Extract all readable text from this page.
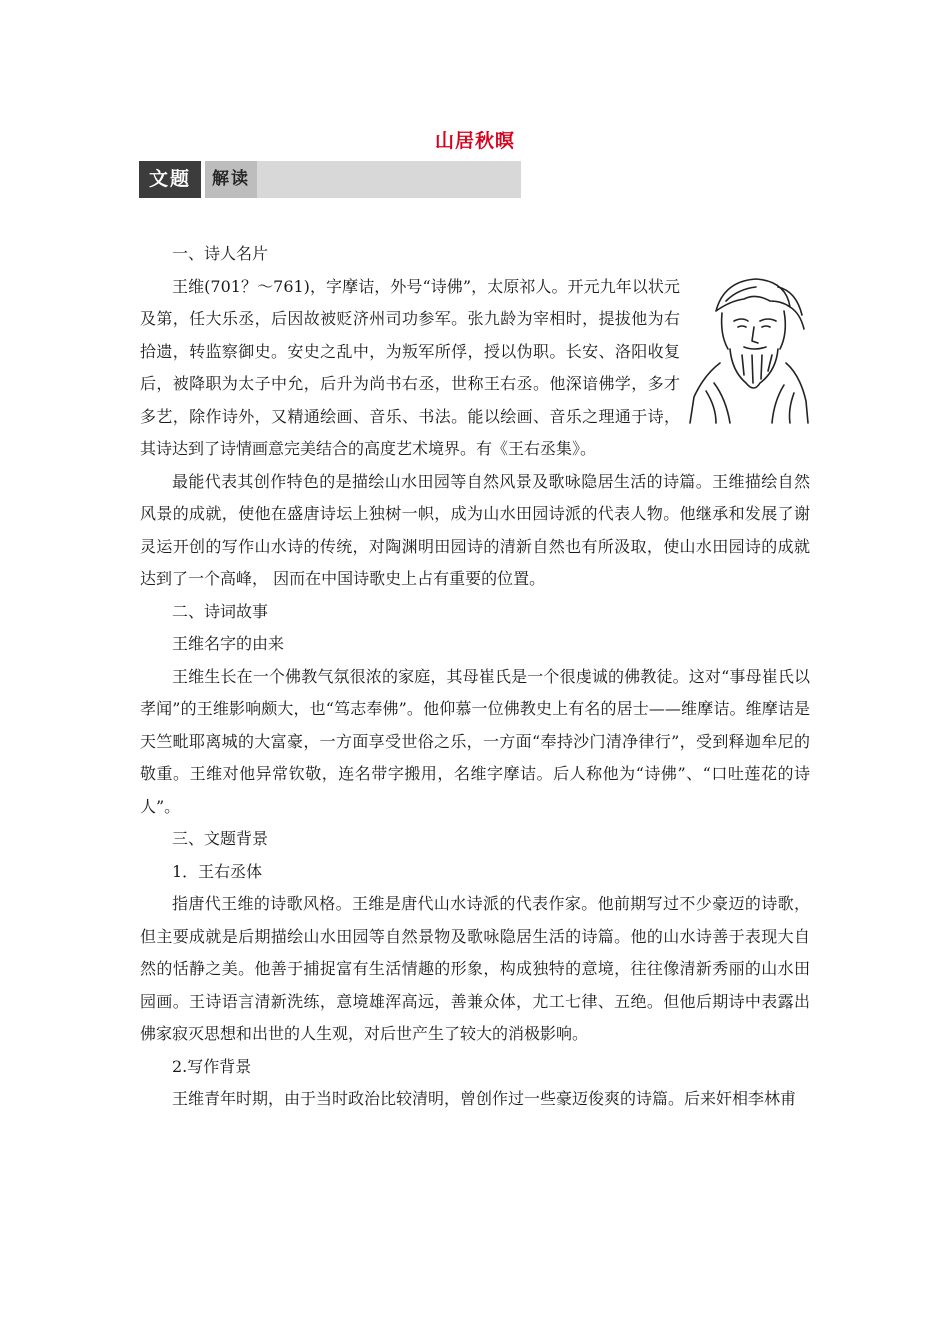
山居秋暝
文题	解读

一、诗人名片

王维(701？～761)，字摩诘，外号“诗佛”，太原祁人。开元九年以状元及第，任大乐丞，后因故被贬济州司功参军。张九龄为宰相时，提拔他为右拾遗，转监察御史。安史之乱中，为叛军所俘，授以伪职。长安、洛阳收复后，被降职为太子中允，后升为尚书右丞，世称王右丞。他深谙佛学，多才多艺，除作诗外，又精通绘画、音乐、书法。能以绘画、音乐之理通于诗，其诗达到了诗情画意完美结合的高度艺术境界。有《王右丞集》。

最能代表其创作特色的是描绘山水田园等自然风景及歌咏隐居生活的诗篇。王维描绘自然风景的成就，使他在盛唐诗坛上独树一帜，成为山水田园诗派的代表人物。他继承和发展了谢灵运开创的写作山水诗的传统，对陶渊明田园诗的清新自然也有所汲取，使山水田园诗的成就达到了一个高峰， 因而在中国诗歌史上占有重要的位置。

二、诗词故事

王维名字的由来

王维生长在一个佛教气氛很浓的家庭，其母崔氏是一个很虔诚的佛教徒。这对“事母崔氏以孝闻”的王维影响颇大，也“笃志奉佛”。他仰慕一位佛教史上有名的居士——维摩诘。维摩诘是天竺毗耶离城的大富豪，一方面享受世俗之乐，一方面“奉持沙门清净律行”，受到释迦牟尼的敬重。王维对他异常钦敬，连名带字搬用，名维字摩诘。后人称他为“诗佛”、“口吐莲花的诗人”。

三、文题背景

1．王右丞体

指唐代王维的诗歌风格。王维是唐代山水诗派的代表作家。他前期写过不少豪迈的诗歌，但主要成就是后期描绘山水田园等自然景物及歌咏隐居生活的诗篇。他的山水诗善于表现大自然的恬静之美。他善于捕捉富有生活情趣的形象，构成独特的意境，往往像清新秀丽的山水田园画。王诗语言清新洗练，意境雄浑高远，善兼众体，尤工七律、五绝。但他后期诗中表露出佛家寂灭思想和出世的人生观，对后世产生了较大的消极影响。

2.写作背景

王维青年时期，由于当时政治比较清明，曾创作过一些豪迈俊爽的诗篇。后来奸相李林甫
